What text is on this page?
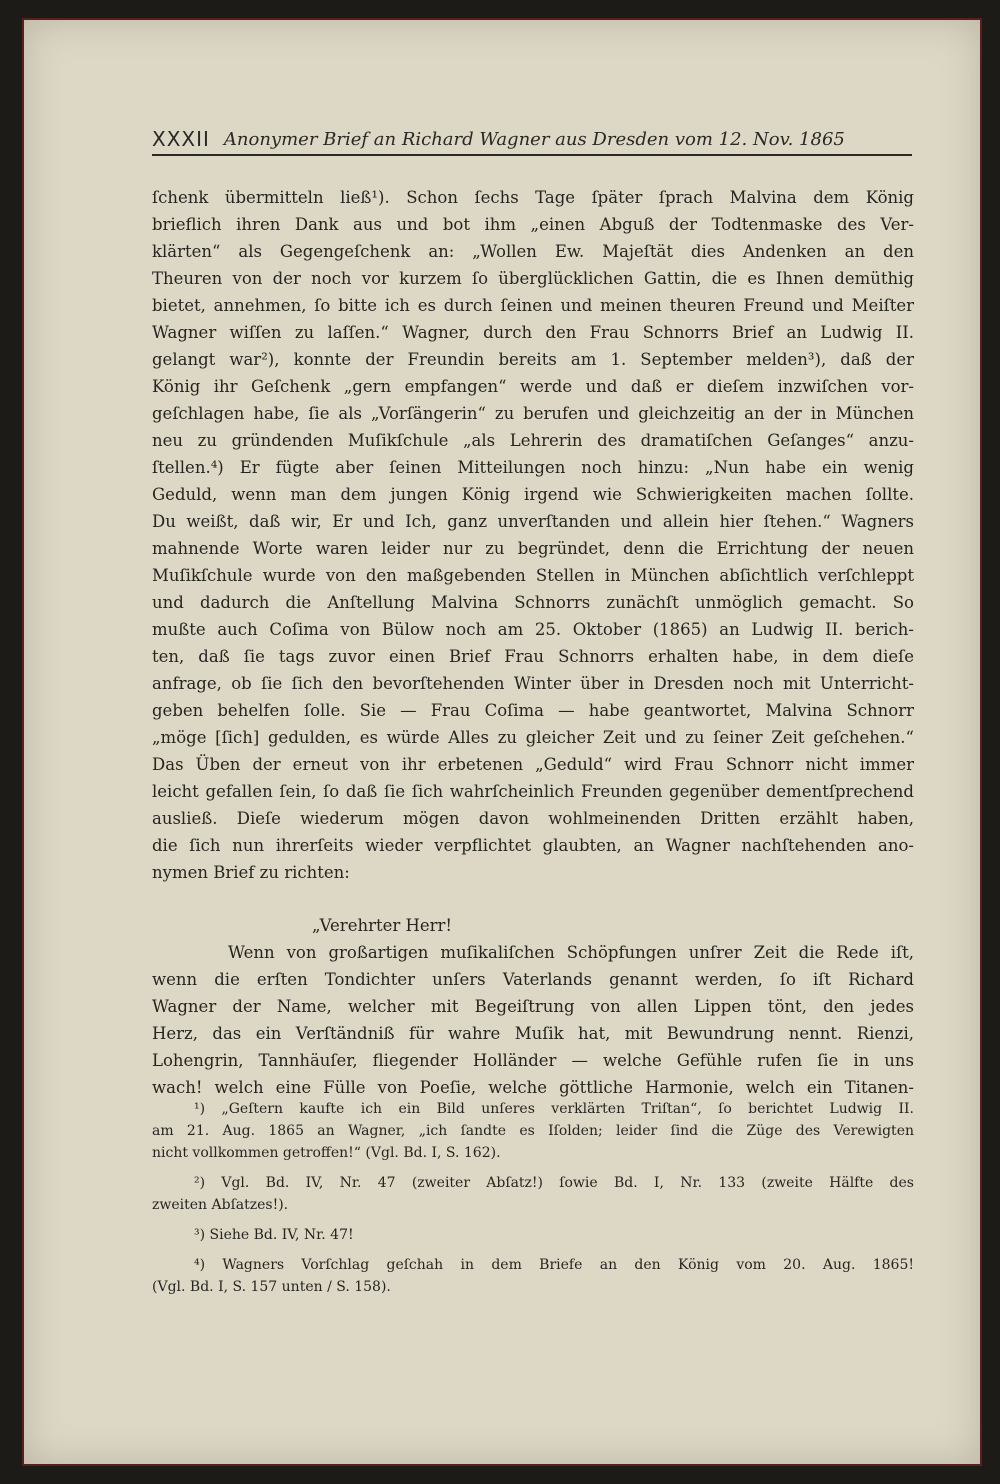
XXXII Anonymer Brief an Richard Wagner aus Dresden vom 12. Nov. 1865
ſchenk übermitteln ließ¹). Schon ſechs Tage ſpäter ſprach Malvina dem König
brieflich ihren Dank aus und bot ihm „einen Abguß der Todtenmaske des Ver-
klärten“ als Gegengeſchenk an: „Wollen Ew. Majeſtät dies Andenken an den
Theuren von der noch vor kurzem ſo überglücklichen Gattin, die es Ihnen demüthig
bietet, annehmen, ſo bitte ich es durch ſeinen und meinen theuren Freund und Meiſter
Wagner wiſſen zu laſſen.“ Wagner, durch den Frau Schnorrs Brief an Ludwig II.
gelangt war²), konnte der Freundin bereits am 1. September melden³), daß der
König ihr Geſchenk „gern empfangen“ werde und daß er dieſem inzwiſchen vor-
geſchlagen habe, ſie als „Vorſängerin“ zu berufen und gleichzeitig an der in München
neu zu gründenden Muſikſchule „als Lehrerin des dramatiſchen Geſanges“ anzu-
ſtellen.⁴) Er fügte aber ſeinen Mitteilungen noch hinzu: „Nun habe ein wenig
Geduld, wenn man dem jungen König irgend wie Schwierigkeiten machen ſollte.
Du weißt, daß wir, Er und Ich, ganz unverſtanden und allein hier ſtehen.“ Wagners
mahnende Worte waren leider nur zu begründet, denn die Errichtung der neuen
Muſikſchule wurde von den maßgebenden Stellen in München abſichtlich verſchleppt
und dadurch die Anſtellung Malvina Schnorrs zunächſt unmöglich gemacht. So
mußte auch Coſima von Bülow noch am 25. Oktober (1865) an Ludwig II. berich-
ten, daß ſie tags zuvor einen Brief Frau Schnorrs erhalten habe, in dem dieſe
anfrage, ob ſie ſich den bevorſtehenden Winter über in Dresden noch mit Unterricht-
geben behelfen ſolle. Sie — Frau Coſima — habe geantwortet, Malvina Schnorr
„möge [ſich] gedulden, es würde Alles zu gleicher Zeit und zu ſeiner Zeit geſchehen.“
Das Üben der erneut von ihr erbetenen „Geduld“ wird Frau Schnorr nicht immer
leicht gefallen ſein, ſo daß ſie ſich wahrſcheinlich Freunden gegenüber dementſprechend
ausließ. Dieſe wiederum mögen davon wohlmeinenden Dritten erzählt haben,
die ſich nun ihrerſeits wieder verpflichtet glaubten, an Wagner nachſtehenden ano-
nymen Brief zu richten:
„Verehrter Herr!
Wenn von großartigen muſikaliſchen Schöpfungen unſrer Zeit die Rede iſt,
wenn die erſten Tondichter unſers Vaterlands genannt werden, ſo iſt Richard
Wagner der Name, welcher mit Begeiſtrung von allen Lippen tönt, den jedes
Herz, das ein Verſtändniß für wahre Muſik hat, mit Bewundrung nennt. Rienzi,
Lohengrin, Tannhäuſer, fliegender Holländer — welche Gefühle rufen ſie in uns
wach! welch eine Fülle von Poeſie, welche göttliche Harmonie, welch ein Titanen-
¹) „Geſtern kaufte ich ein Bild unſeres verklärten Triſtan“, ſo berichtet Ludwig II.
am 21. Aug. 1865 an Wagner, „ich ſandte es Iſolden; leider ſind die Züge des Verewigten
nicht vollkommen getroffen!“ (Vgl. Bd. I, S. 162).
²) Vgl. Bd. IV, Nr. 47 (zweiter Abſatz!) ſowie Bd. I, Nr. 133 (zweite Hälfte des
zweiten Abſatzes!).
³) Siehe Bd. IV, Nr. 47!
⁴) Wagners Vorſchlag geſchah in dem Briefe an den König vom 20. Aug. 1865!
(Vgl. Bd. I, S. 157 unten / S. 158).
